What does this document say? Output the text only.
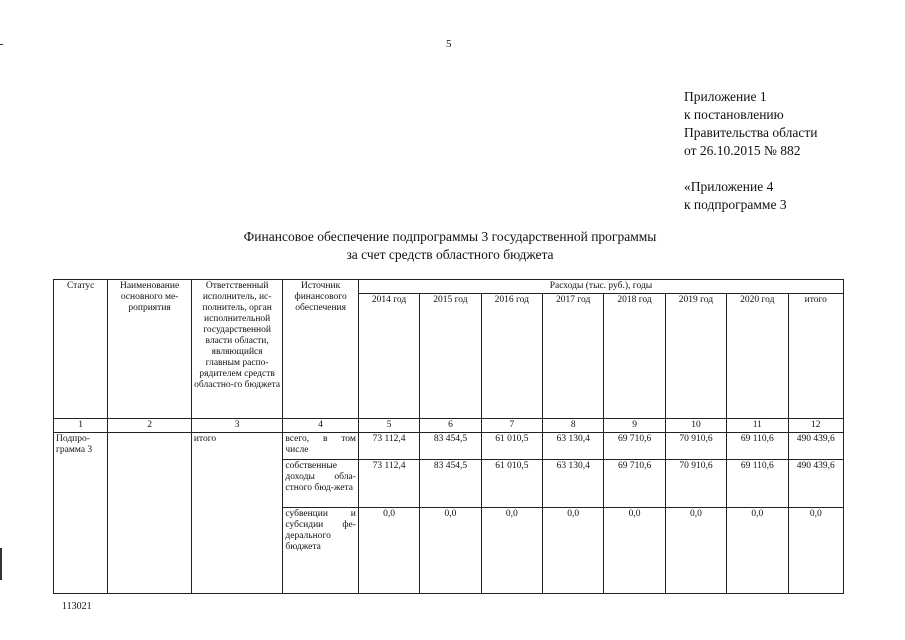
5
Приложение 1
к постановлению
Правительства области
от 26.10.2015 № 882
«Приложение 4
к подпрограмме 3
Финансовое обеспечение подпрограммы 3 государственной программы
за счет средств областного бюджета
Статус	Наименование основного ме-роприятия	Ответственный исполнитель, ис-полнитель, орган исполнительной государственной власти области, являющийся главным распо-рядителем средств областно-го бюджета	Источник финансового обеспечения	Расходы (тыс. руб.), годы							
				2014 год	2015 год	2016 год	2017 год	2018 год	2019 год	2020 год	итого
1	2	3	4	5	6	7	8	9	10	11	12
Подпро-грамма 3		итого	всего, в том числе	73 112,4	83 454,5	61 010,5	63 130,4	69 710,6	70 910,6	69 110,6	490 439,6
			собственные доходы обла-стного бюд-жета	73 112,4	83 454,5	61 010,5	63 130,4	69 710,6	70 910,6	69 110,6	490 439,6
			субвенции и субсидии фе-дерального бюджета	0,0	0,0	0,0	0,0	0,0	0,0	0,0	0,0
113021
